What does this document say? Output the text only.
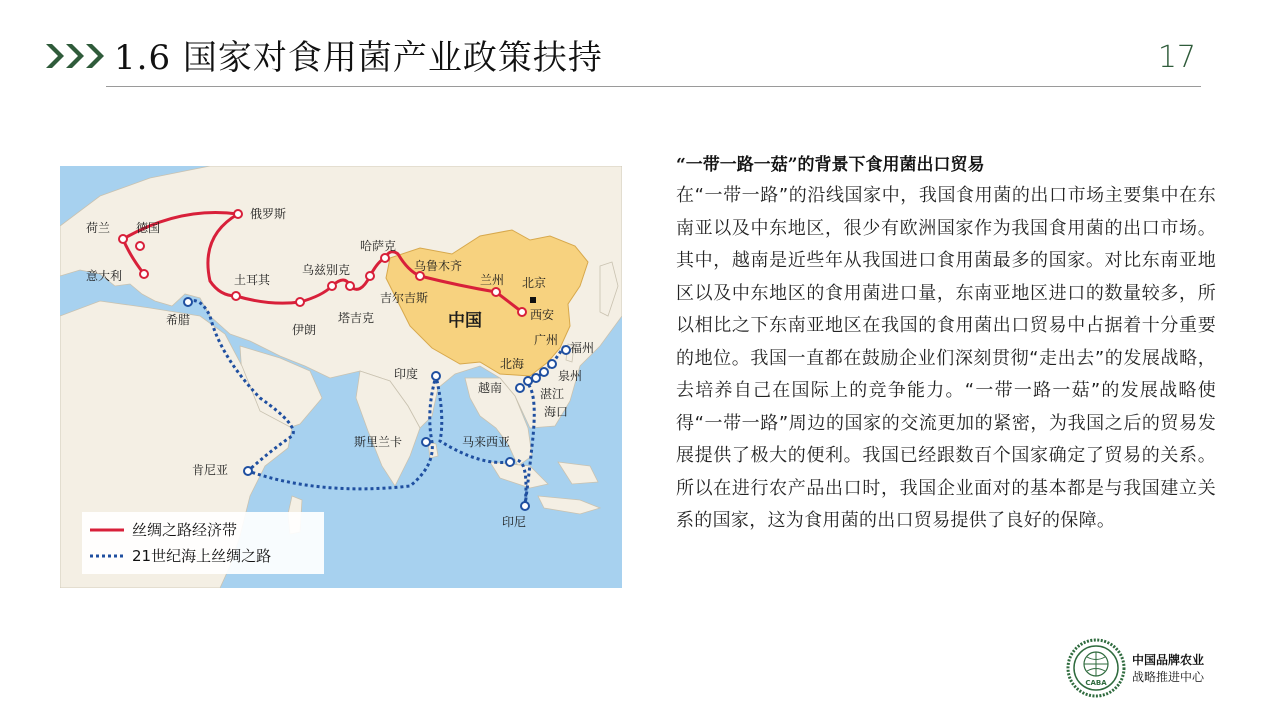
1.6 国家对食用菌产业政策扶持	17
荷兰 德国
俄罗斯
意大利	土耳其
乌兹别克
哈萨克
乌鲁木齐
兰州 北京
吉尔吉斯
希腊
伊朗
塔吉克	中国	西安
广州
福州
北海
泉州
越南	湛江
海口
印度
斯里兰卡	马来西亚
肯尼亚
印尼
丝绸之路经济带
21世纪海上丝绸之路
“一带一路一菇”的背景下食用菌出口贸易

在“一带一路”的沿线国家中，我国食用菌的出口市场主要集中在东南亚以及中东地区，很少有欧洲国家作为我国食用菌的出口市场。其中，越南是近些年从我国进口食用菌最多的国家。对比东南亚地区以及中东地区的食用菌进口量，东南亚地区进口的数量较多，所以相比之下东南亚地区在我国的食用菌出口贸易中占据着十分重要的地位。我国一直都在鼓励企业们深刻贯彻“走出去”的发展战略，去培养自己在国际上的竞争能力。“一带一路一菇”的发展战略使得“一带一路”周边的国家的交流更加的紧密，为我国之后的贸易发展提供了极大的便利。我国已经跟数百个国家确定了贸易的关系。所以在进行农产品出口时，我国企业面对的基本都是与我国建立关系的国家，这为食用菌的出口贸易提供了良好的保障。

CABA
中国品牌农业
战略推进中心
